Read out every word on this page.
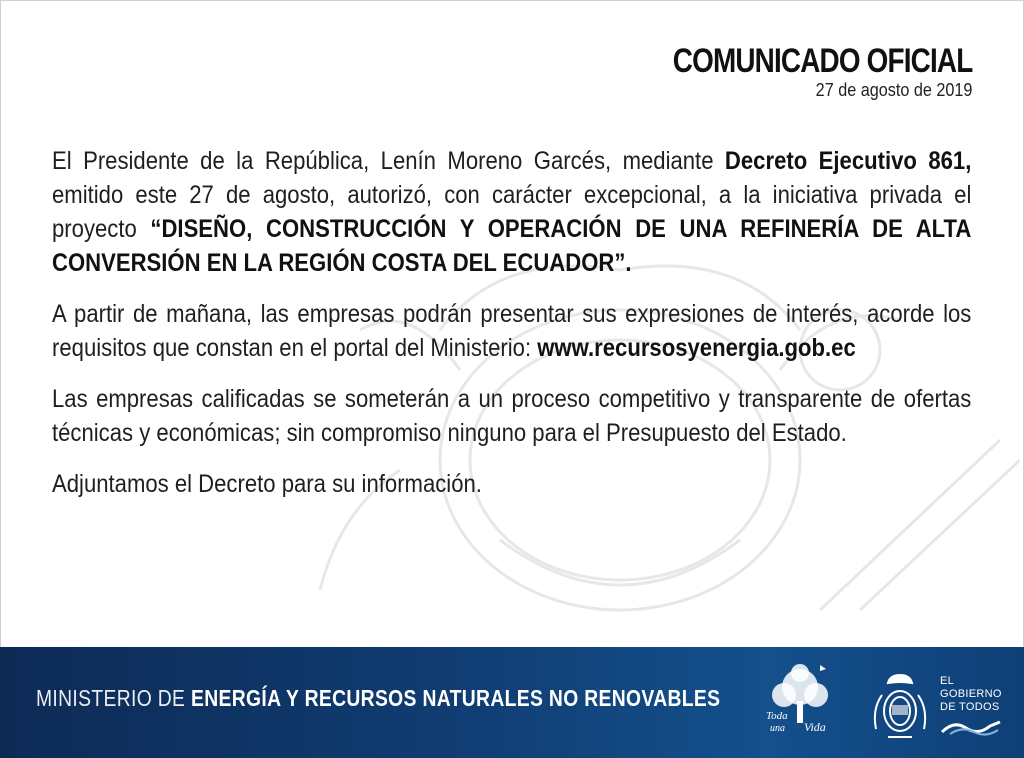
COMUNICADO OFICIAL
27 de agosto de 2019

El Presidente de la República, Lenín Moreno Garcés, mediante Decreto Ejecutivo 861, emitido este 27 de agosto, autorizó, con carácter excepcional, a la iniciativa privada el proyecto “DISEÑO, CONSTRUCCIÓN Y OPERACIÓN DE UNA REFINERÍA DE ALTA CONVERSIÓN EN LA REGIÓN COSTA DEL ECUADOR”.

A partir de mañana, las empresas podrán presentar sus expresiones de interés, acorde los requisitos que constan en el portal del Ministerio: www.recursosyenergia.gob.ec

Las empresas calificadas se someterán a un proceso competitivo y transparente de ofertas técnicas y económicas; sin compromiso ninguno para el Presupuesto del Estado.

Adjuntamos el Decreto para su información.

MINISTERIO DE ENERGÍA Y RECURSOS NATURALES NO RENOVABLES
Toda
una Vida
EL
GOBIERNO
DE TODOS
